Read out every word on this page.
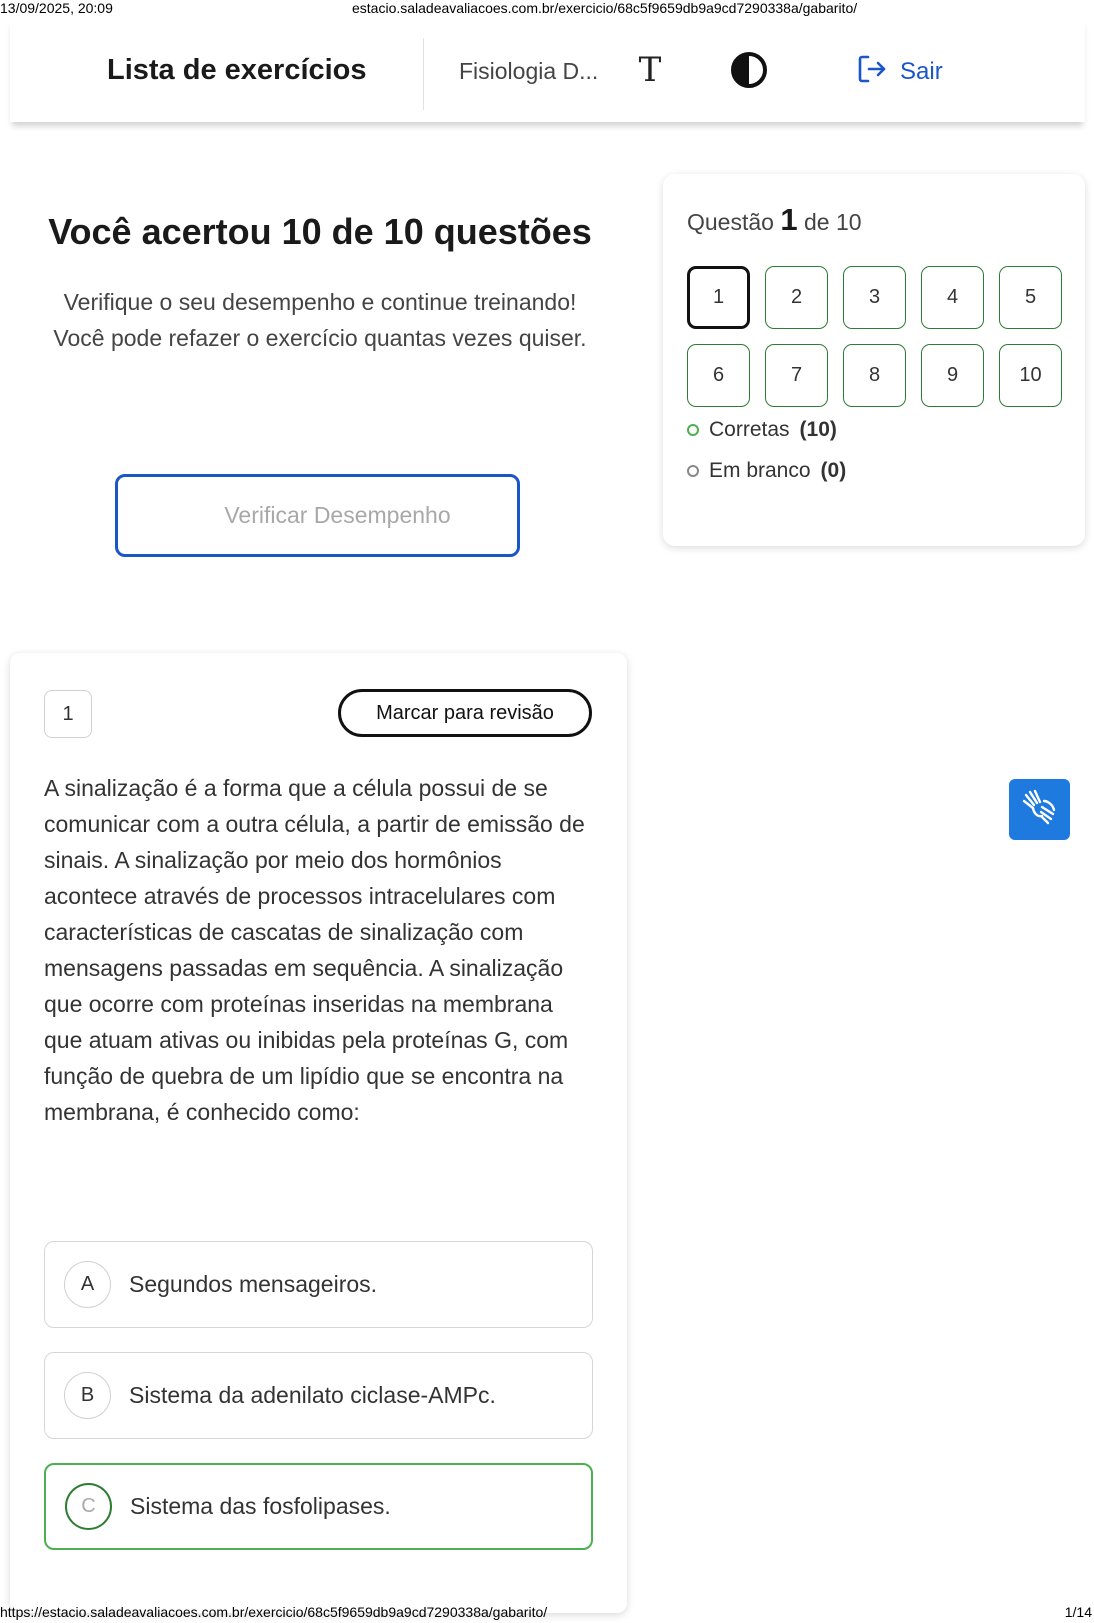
13/09/2025, 20:09	estacio.saladeavaliacoes.com.br/exercicio/68c5f9659db9a9cd7290338a/gabarito/
Lista de exercícios	Fisiologia D... T	Sair
Você acertou 10 de 10 questões
Verifique o seu desempenho e continue treinando! Você pode refazer o exercício quantas vezes quiser.
Verificar Desempenho
Questão 1 de 10
1	2	3	4	5
6	7	8	9	10
Corretas (10)
Em branco (0)
1	Marcar para revisão
A sinalização é a forma que a célula possui de se comunicar com a outra célula, a partir de emissão de sinais. A sinalização por meio dos hormônios acontece através de processos intracelulares com características de cascatas de sinalização com mensagens passadas em sequência. A sinalização que ocorre com proteínas inseridas na membrana que atuam ativas ou inibidas pela proteínas G, com função de quebra de um lipídio que se encontra na membrana, é conhecido como:
A	Segundos mensageiros.
B	Sistema da adenilato ciclase-AMPc.
C	Sistema das fosfolipases.
https://estacio.saladeavaliacoes.com.br/exercicio/68c5f9659db9a9cd7290338a/gabarito/	1/14
